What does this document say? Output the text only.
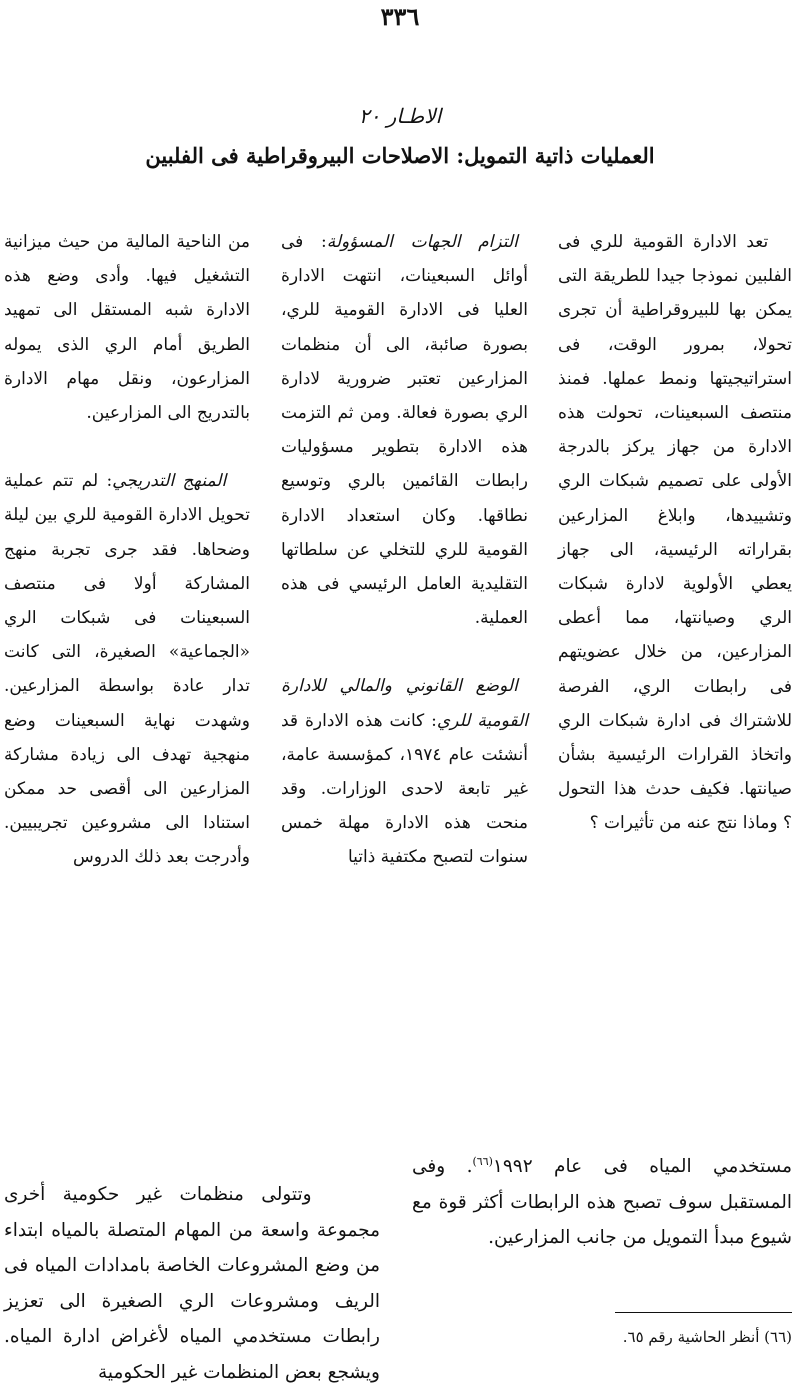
٣٣٦
الاطـار ٢٠
العمليات ذاتية التمويل: الاصلاحات البيروقراطية فى الفلبين

تعد الادارة القومية للري فى الفلبين نموذجا جيدا للطريقة التى يمكن بها للبيروقراطية أن تجرى تحولا، بمرور الوقت، فى استراتيجيتها ونمط عملها. فمنذ منتصف السبعينات، تحولت هذه الادارة من جهاز يركز بالدرجة الأولى على تصميم شبكات الري وتشييدها، وابلاغ المزارعين بقراراته الرئيسية، الى جهاز يعطي الأولوية لادارة شبكات الري وصيانتها، مما أعطى المزارعين، من خلال عضويتهم فى رابطات الري، الفرصة للاشتراك فى ادارة شبكات الري واتخاذ القرارات الرئيسية بشأن صيانتها. فكيف حدث هذا التحول ؟ وماذا نتج عنه من تأثيرات ؟

التزام الجهات المسؤولة: فى أوائل السبعينات، انتهت الادارة العليا فى الادارة القومية للري، بصورة صائبة، الى أن منظمات المزارعين تعتبر ضرورية لادارة الري بصورة فعالة. ومن ثم التزمت هذه الادارة بتطوير مسؤوليات رابطات القائمين بالري وتوسيع نطاقها. وكان استعداد الادارة القومية للري للتخلي عن سلطاتها التقليدية العامل الرئيسي فى هذه العملية.

الوضع القانوني والمالي للادارة القومية للري: كانت هذه الادارة قد أنشئت عام ١٩٧٤، كمؤسسة عامة، غير تابعة لاحدى الوزارات. وقد منحت هذه الادارة مهلة خمس سنوات لتصبح مكتفية ذاتيا

من الناحية المالية من حيث ميزانية التشغيل فيها. وأدى وضع هذه الادارة شبه المستقل الى تمهيد الطريق أمام الري الذى يموله المزارعون، ونقل مهام الادارة بالتدريج الى المزارعين.

المنهج التدريجي: لم تتم عملية تحويل الادارة القومية للري بين ليلة وضحاها. فقد جرى تجربة منهج المشاركة أولا فى منتصف السبعينات فى شبكات الري «الجماعية» الصغيرة، التى كانت تدار عادة بواسطة المزارعين. وشهدت نهاية السبعينات وضع منهجية تهدف الى زيادة مشاركة المزارعين الى أقصى حد ممكن استنادا الى مشروعين تجريبيين. وأدرجت بعد ذلك الدروس

مستخدمي المياه فى عام ١٩٩٢$^{(٦٦)}$. وفى المستقبل سوف تصبح هذه الرابطات أكثر قوة مع شيوع مبدأ التمويل من جانب المزارعين.

وتتولى منظمات غير حكومية أخرى مجموعة واسعة من المهام المتصلة بالمياه ابتداء من وضع المشروعات الخاصة بامدادات المياه فى الريف ومشروعات الري الصغيرة الى تعزيز رابطات مستخدمي المياه لأغراض ادارة المياه. ويشجع بعض المنظمات غير الحكومية

(٦٦) أنظر الحاشية رقم ٦٥.
